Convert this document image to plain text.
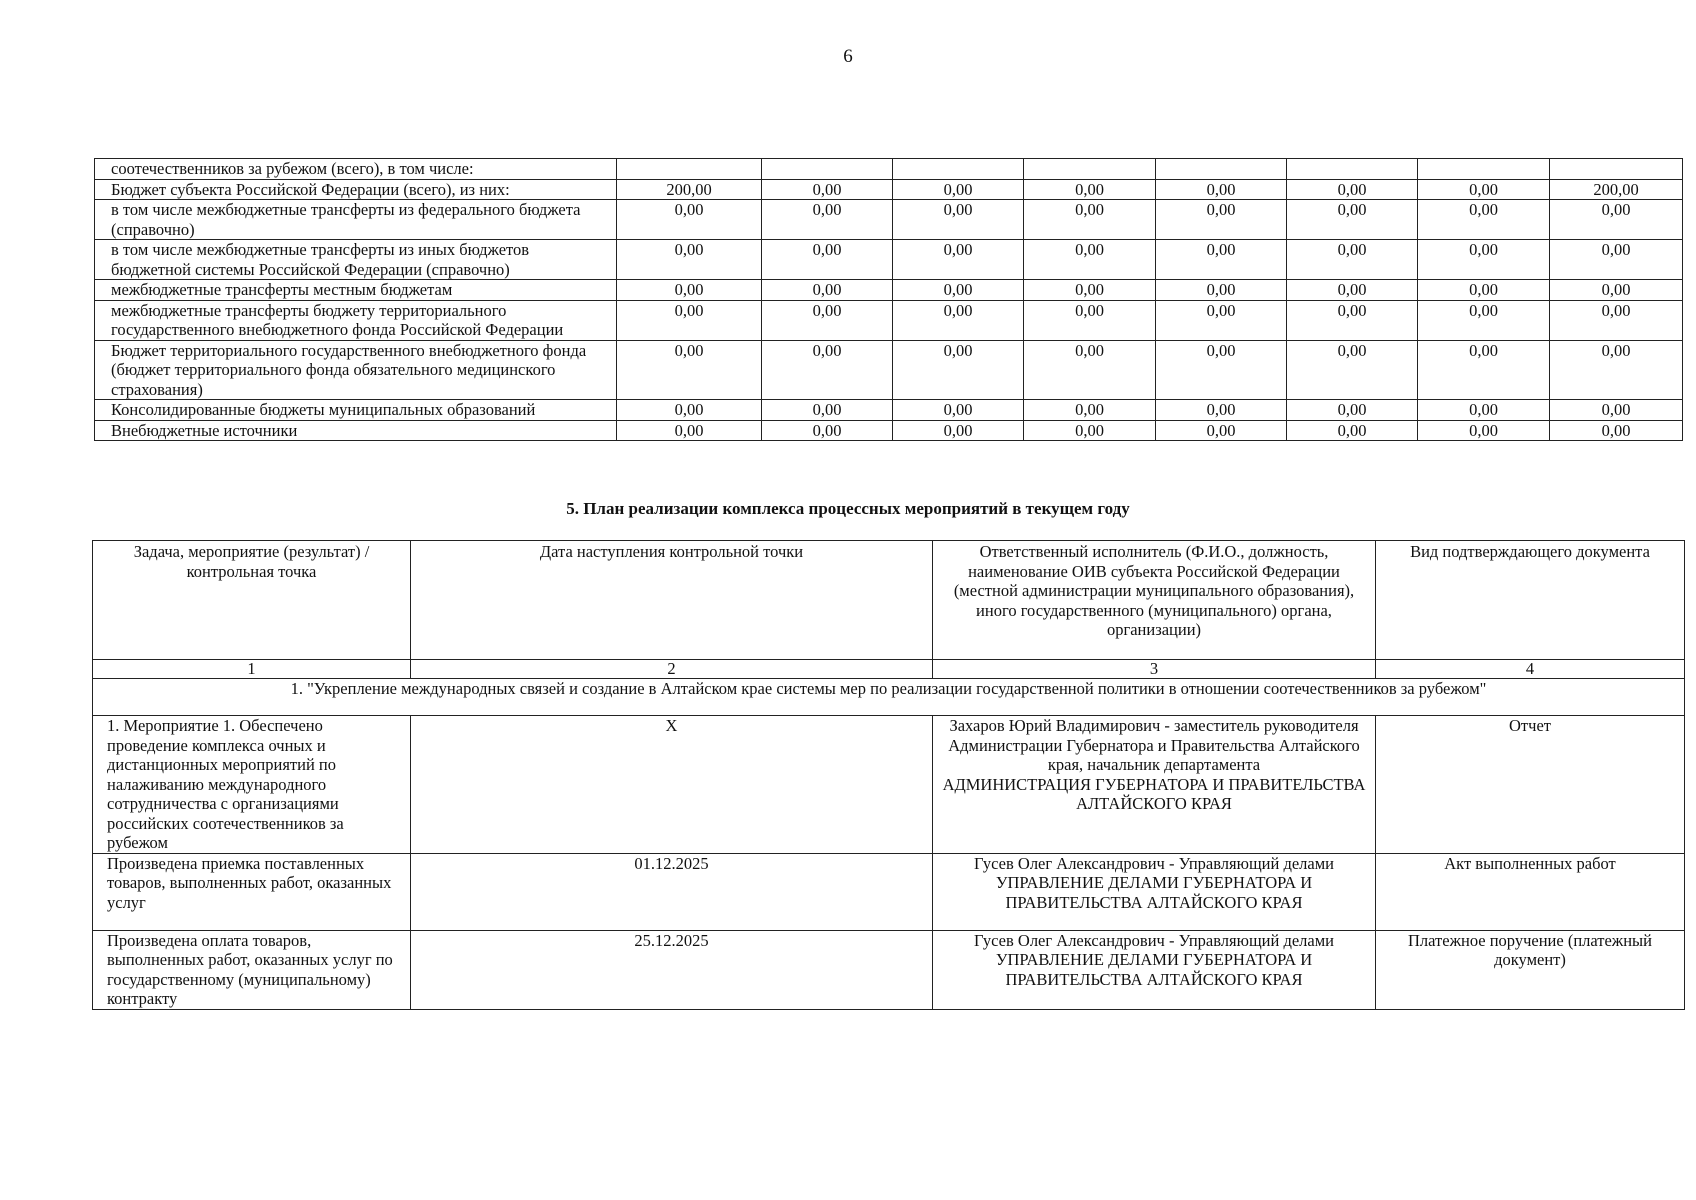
6
соотечественников за рубежом (всего), в том числе:								
Бюджет субъекта Российской Федерации (всего), из них:	200,00	0,00	0,00	0,00	0,00	0,00	0,00	200,00
в том числе межбюджетные трансферты из федерального бюджета (справочно)	0,00	0,00	0,00	0,00	0,00	0,00	0,00	0,00
в том числе межбюджетные трансферты из иных бюджетов бюджетной системы Российской Федерации (справочно)	0,00	0,00	0,00	0,00	0,00	0,00	0,00	0,00
межбюджетные трансферты местным бюджетам	0,00	0,00	0,00	0,00	0,00	0,00	0,00	0,00
межбюджетные трансферты бюджету территориального государственного внебюджетного фонда Российской Федерации	0,00	0,00	0,00	0,00	0,00	0,00	0,00	0,00
Бюджет территориального государственного внебюджетного фонда (бюджет территориального фонда обязательного медицинского страхования)	0,00	0,00	0,00	0,00	0,00	0,00	0,00	0,00
Консолидированные бюджеты муниципальных образований	0,00	0,00	0,00	0,00	0,00	0,00	0,00	0,00
Внебюджетные источники	0,00	0,00	0,00	0,00	0,00	0,00	0,00	0,00
5. План реализации комплекса процессных мероприятий в текущем году
Задача, мероприятие (результат) / контрольная точка	Дата наступления контрольной точки	Ответственный исполнитель (Ф.И.О., должность, наименование ОИВ субъекта Российской Федерации (местной администрации муниципального образования), иного государственного (муниципального) органа, организации)	Вид подтверждающего документа
1	2	3	4
1. "Укрепление международных связей и создание в Алтайском крае системы мер по реализации государственной политики в отношении соотечественников за рубежом"			
1. Мероприятие 1. Обеспечено проведение комплекса очных и дистанционных мероприятий по налаживанию международного сотрудничества с организациями российских соотечественников за рубежом	X	Захаров Юрий Владимирович - заместитель руководителя Администрации Губернатора и Правительства Алтайского края, начальник департамента
АДМИНИСТРАЦИЯ ГУБЕРНАТОРА И ПРАВИТЕЛЬСТВА АЛТАЙСКОГО КРАЯ	Отчет
Произведена приемка поставленных товаров, выполненных работ, оказанных услуг	01.12.2025	Гусев Олег Александрович - Управляющий делами
УПРАВЛЕНИЕ ДЕЛАМИ ГУБЕРНАТОРА И ПРАВИТЕЛЬСТВА АЛТАЙСКОГО КРАЯ	Акт выполненных работ
Произведена оплата товаров, выполненных работ, оказанных услуг по государственному (муниципальному) контракту	25.12.2025	Гусев Олег Александрович - Управляющий делами
УПРАВЛЕНИЕ ДЕЛАМИ ГУБЕРНАТОРА И ПРАВИТЕЛЬСТВА АЛТАЙСКОГО КРАЯ	Платежное поручение (платежный документ)
